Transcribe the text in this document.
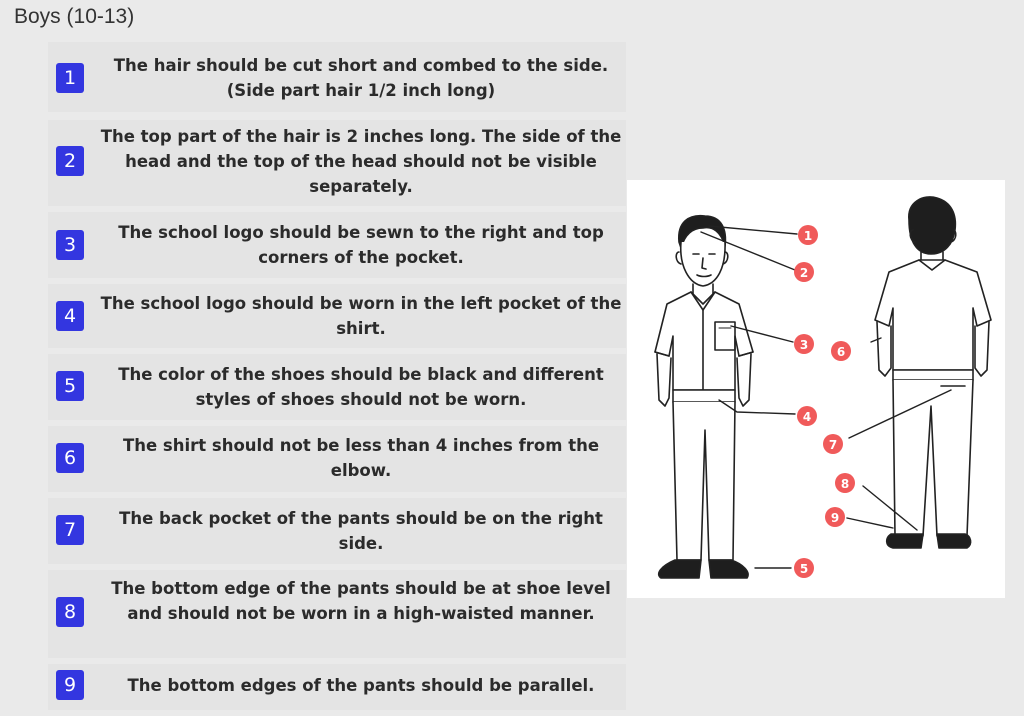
Boys (10-13)
1
The hair should be cut short and combed to the side. (Side part hair 1/2 inch long)
2
The top part of the hair is 2 inches long. The side of the head and the top of the head should not be visible separately.
3
The school logo should be sewn to the right and top corners of the pocket.
4
The school logo should be worn in the left pocket of the shirt.
5
The color of the shoes should be black and different styles of shoes should not be worn.
6
The shirt should not be less than 4 inches from the elbow.
7
The back pocket of the pants should be on the right side.
8
The bottom edge of the pants should be at shoe level and should not be worn in a high-waisted manner.
9	The bottom edges of the pants should be parallel.
1
2
3
4
5
6
7
8
9
